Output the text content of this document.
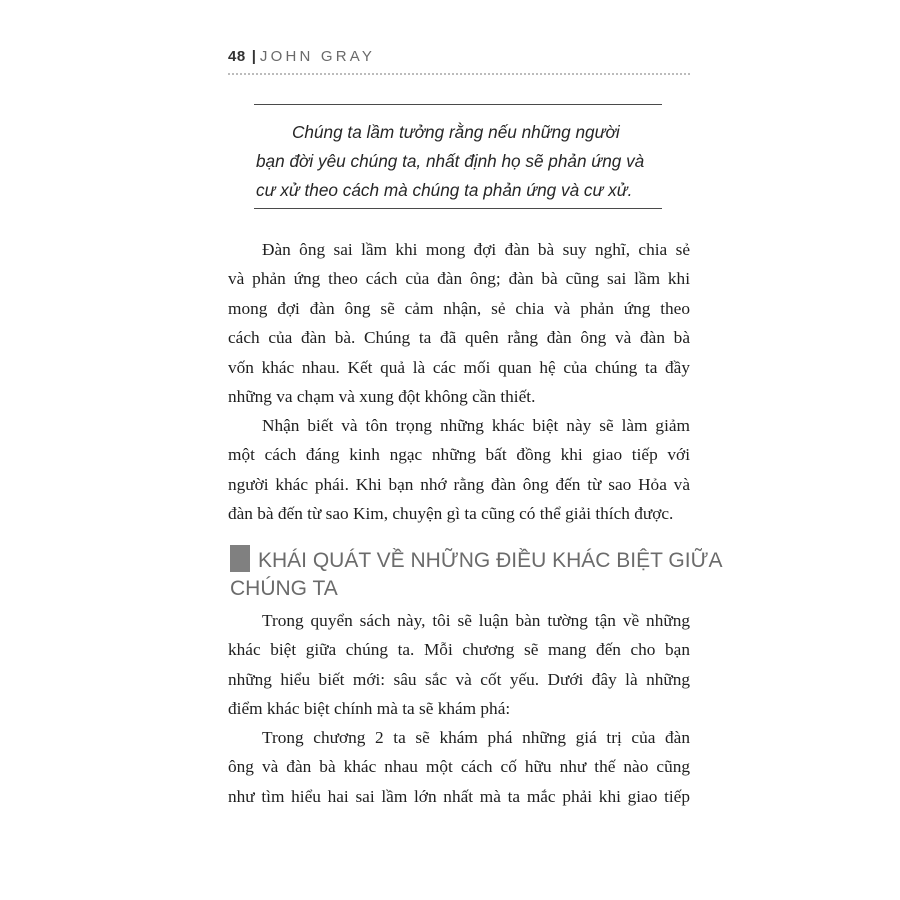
48 | JOHN GRAY
Chúng ta lầm tưởng rằng nếu những người
bạn đời yêu chúng ta, nhất định họ sẽ phản ứng và
cư xử theo cách mà chúng ta phản ứng và cư xử.
Đàn ông sai lầm khi mong đợi đàn bà suy nghĩ, chia sẻ
và phản ứng theo cách của đàn ông; đàn bà cũng sai lầm khi
mong đợi đàn ông sẽ cảm nhận, sẻ chia và phản ứng theo
cách của đàn bà. Chúng ta đã quên rằng đàn ông và đàn bà
vốn khác nhau. Kết quả là các mối quan hệ của chúng ta đầy
những va chạm và xung đột không cần thiết.
Nhận biết và tôn trọng những khác biệt này sẽ làm giảm
một cách đáng kinh ngạc những bất đồng khi giao tiếp với
người khác phái. Khi bạn nhớ rằng đàn ông đến từ sao Hỏa và
đàn bà đến từ sao Kim, chuyện gì ta cũng có thể giải thích được.
KHÁI QUÁT VỀ NHỮNG ĐIỀU KHÁC BIỆT GIỮA
CHÚNG TA
Trong quyển sách này, tôi sẽ luận bàn tường tận về những
khác biệt giữa chúng ta. Mỗi chương sẽ mang đến cho bạn
những hiểu biết mới: sâu sắc và cốt yếu. Dưới đây là những
điểm khác biệt chính mà ta sẽ khám phá:
Trong chương 2 ta sẽ khám phá những giá trị của đàn
ông và đàn bà khác nhau một cách cố hữu như thế nào cũng
như tìm hiểu hai sai lầm lớn nhất mà ta mắc phải khi giao tiếp
